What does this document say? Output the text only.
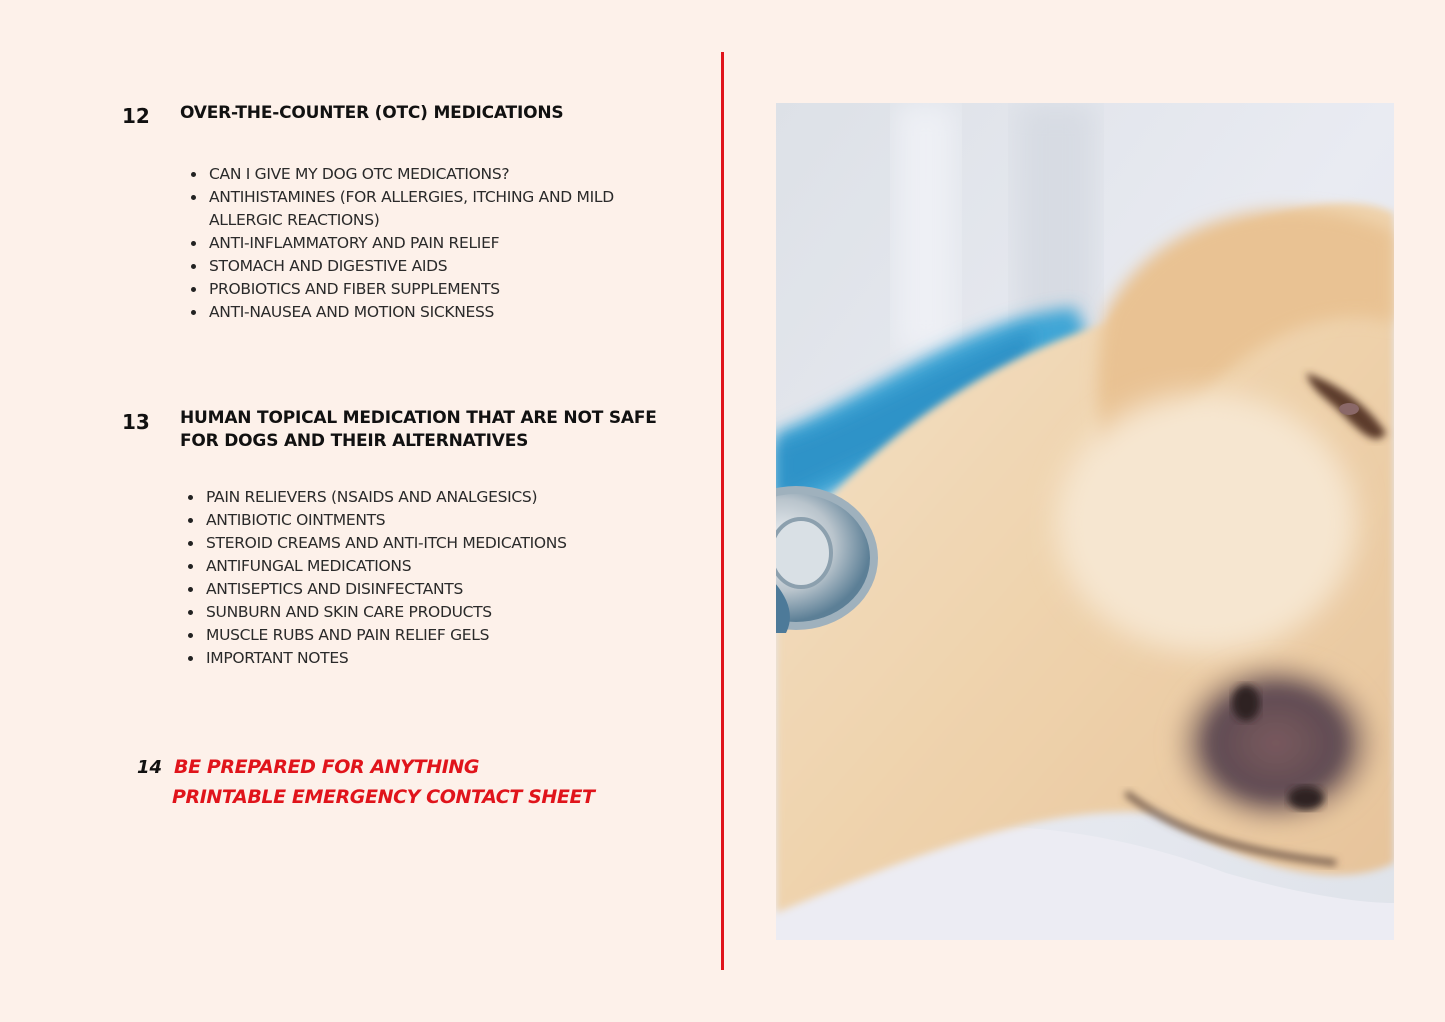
12 OVER-THE-COUNTER (OTC) MEDICATIONS
CAN I GIVE MY DOG OTC MEDICATIONS?
ANTIHISTAMINES (FOR ALLERGIES, ITCHING AND MILD ALLERGIC REACTIONS)
ANTI-INFLAMMATORY AND PAIN RELIEF
STOMACH AND DIGESTIVE AIDS
PROBIOTICS AND FIBER SUPPLEMENTS
ANTI-NAUSEA AND MOTION SICKNESS
13 HUMAN TOPICAL MEDICATION THAT ARE NOT SAFE
FOR DOGS AND THEIR ALTERNATIVES
PAIN RELIEVERS (NSAIDS AND ANALGESICS)
ANTIBIOTIC OINTMENTS
STEROID CREAMS AND ANTI-ITCH MEDICATIONS
ANTIFUNGAL MEDICATIONS
ANTISEPTICS AND DISINFECTANTS
SUNBURN AND SKIN CARE PRODUCTS
MUSCLE RUBS AND PAIN RELIEF GELS
IMPORTANT NOTES
14 BE PREPARED FOR ANYTHING
PRINTABLE EMERGENCY CONTACT SHEET
